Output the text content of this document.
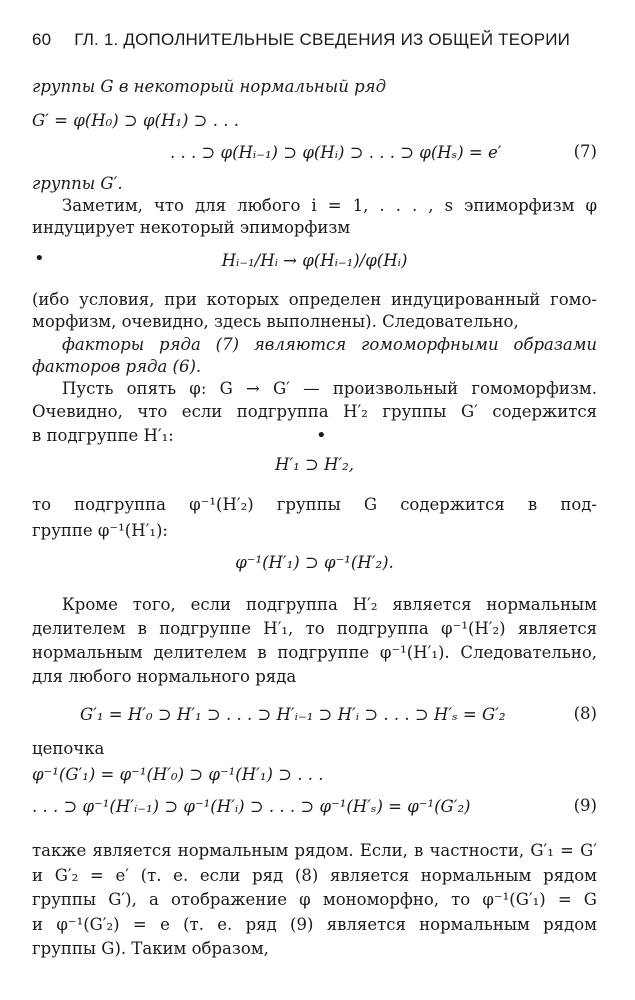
60 ГЛ. 1. ДОПОЛНИТЕЛЬНЫЕ СВЕДЕНИЯ ИЗ ОБЩЕЙ ТЕОРИИ
группы G в некоторый нормальный ряд
G′ = φ(H₀) ⊃ φ(H₁) ⊃ . . .
. . . ⊃ φ(Hᵢ₋₁) ⊃ φ(Hᵢ) ⊃ . . . ⊃ φ(Hₛ) = e′	(7)
группы G′.
Заметим, что для любого i = 1, . . . , s эпиморфизм φ
индуцирует некоторый эпиморфизм
•	Hᵢ₋₁/Hᵢ → φ(Hᵢ₋₁)/φ(Hᵢ)
(ибо условия, при которых определен индуцированный гомо-
морфизм, очевидно, здесь выполнены). Следовательно,
факторы ряда (7) являются гомоморфными образами
факторов ряда (6).
Пусть опять φ: G → G′ — произвольный гомоморфизм.
Очевидно, что если подгруппа H′₂ группы G′ содержится
в подгруппе H′₁:	•
H′₁ ⊃ H′₂,
то подгруппа φ⁻¹(H′₂) группы G содержится в под-
группе φ⁻¹(H′₁):
φ⁻¹(H′₁) ⊃ φ⁻¹(H′₂).
Кроме того, если подгруппа H′₂ является нормальным
делителем в подгруппе H′₁, то подгруппа φ⁻¹(H′₂) является
нормальным делителем в подгруппе φ⁻¹(H′₁). Следовательно,
для любого нормального ряда
G′₁ = H′₀ ⊃ H′₁ ⊃ . . . ⊃ H′ᵢ₋₁ ⊃ H′ᵢ ⊃ . . . ⊃ H′ₛ = G′₂	(8)
цепочка
φ⁻¹(G′₁) = φ⁻¹(H′₀) ⊃ φ⁻¹(H′₁) ⊃ . . .
. . . ⊃ φ⁻¹(H′ᵢ₋₁) ⊃ φ⁻¹(H′ᵢ) ⊃ . . . ⊃ φ⁻¹(H′ₛ) = φ⁻¹(G′₂)	(9)
также является нормальным рядом. Если, в частности, G′₁ = G′
и G′₂ = e′ (т. е. если ряд (8) является нормальным рядом
группы G′), а отображение φ мономорфно, то φ⁻¹(G′₁) = G
и φ⁻¹(G′₂) = e (т. е. ряд (9) является нормальным рядом
группы G). Таким образом,
